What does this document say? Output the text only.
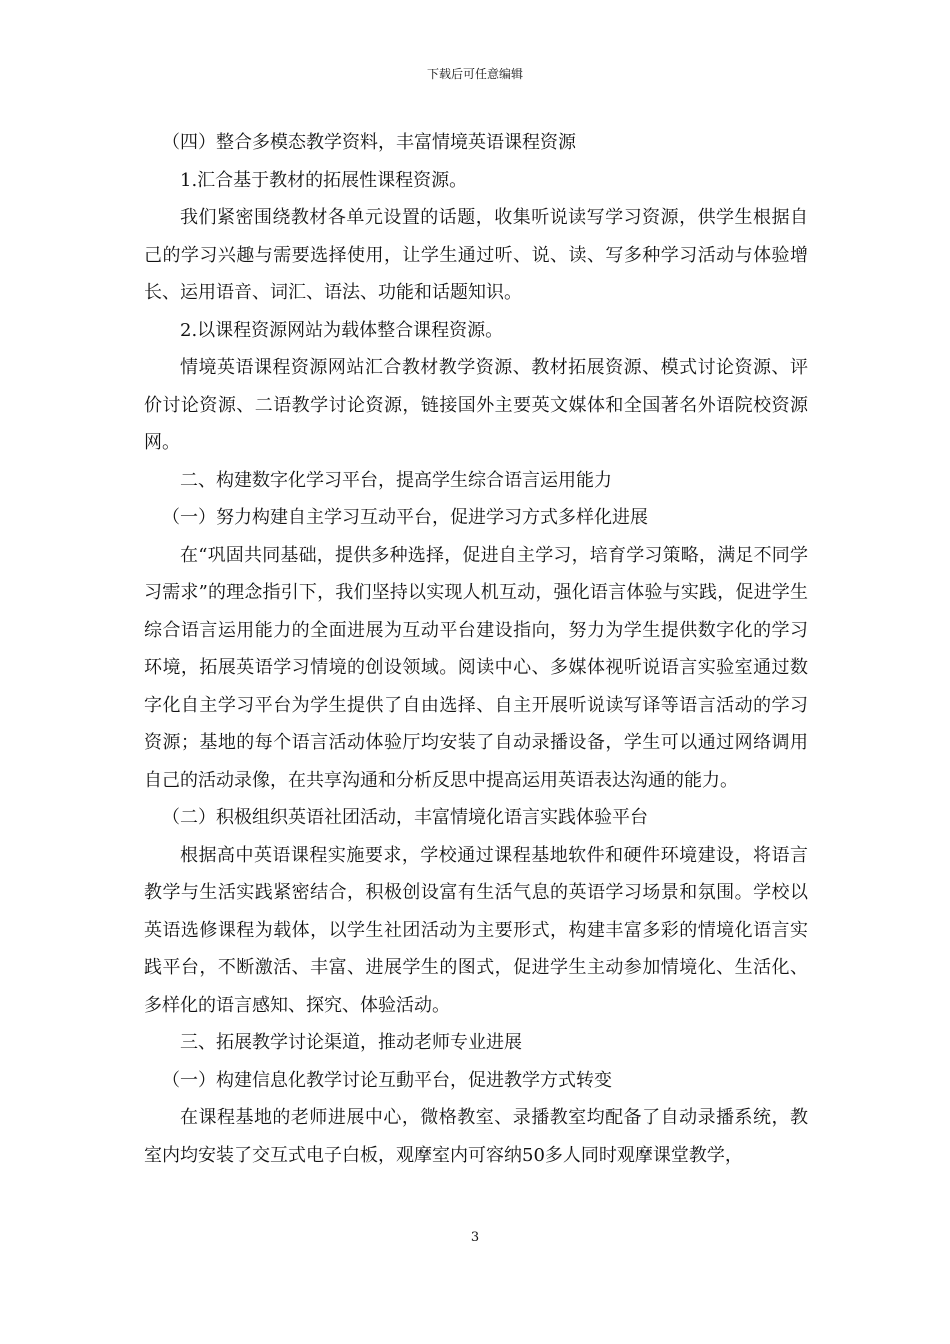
下载后可任意编辑
（四）整合多模态教学资料，丰富情境英语课程资源
1.汇合基于教材的拓展性课程资源。

我们紧密围绕教材各单元设置的话题，收集听说读写学习资源，供学生根据自己的学习兴趣与需要选择使用，让学生通过听、说、读、写多种学习活动与体验增长、运用语音、词汇、语法、功能和话题知识。

2.以课程资源网站为载体整合课程资源。

情境英语课程资源网站汇合教材教学资源、教材拓展资源、模式讨论资源、评价讨论资源、二语教学讨论资源，链接国外主要英文媒体和全国著名外语院校资源网。

二、构建数字化学习平台，提高学生综合语言运用能力
（一）努力构建自主学习互动平台，促进学习方式多样化进展

在“巩固共同基础，提供多种选择，促进自主学习，培育学习策略，满足不同学习需求”的理念指引下，我们坚持以实现人机互动，强化语言体验与实践，促进学生综合语言运用能力的全面进展为互动平台建设指向，努力为学生提供数字化的学习环境，拓展英语学习情境的创设领域。阅读中心、多媒体视听说语言实验室通过数字化自主学习平台为学生提供了自由选择、自主开展听说读写译等语言活动的学习资源；基地的每个语言活动体验厅均安装了自动录播设备，学生可以通过网络调用自己的活动录像，在共享沟通和分析反思中提高运用英语表达沟通的能力。

（二）积极组织英语社团活动，丰富情境化语言实践体验平台

根据高中英语课程实施要求，学校通过课程基地软件和硬件环境建设，将语言教学与生活实践紧密结合，积极创设富有生活气息的英语学习场景和氛围。学校以英语选修课程为载体，以学生社团活动为主要形式，构建丰富多彩的情境化语言实践平台，不断激活、丰富、进展学生的图式，促进学生主动参加情境化、生活化、多样化的语言感知、探究、体验活动。

三、拓展教学讨论渠道，推动老师专业进展
（一）构建信息化教学讨论互動平台，促进教学方式转变

在课程基地的老师进展中心，微格教室、录播教室均配备了自动录播系统，教室内均安装了交互式电子白板，观摩室内可容纳50多人同时观摩课堂教学，

3
